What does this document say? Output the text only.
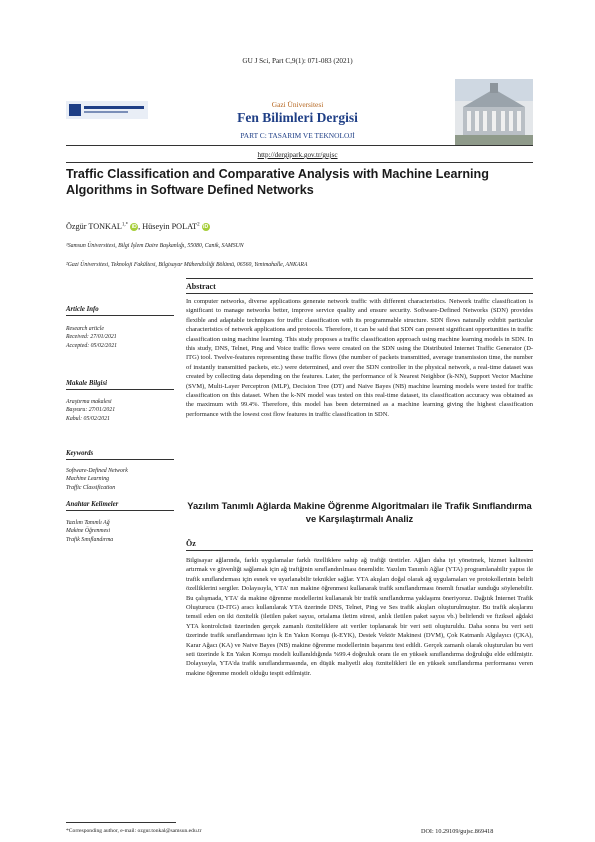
GU J Sci, Part C,9(1): 071-083 (2021)
Gazi Üniversitesi
Fen Bilimleri Dergisi
PART C: TASARIM VE TEKNOLOJİ
http://dergipark.gov.tr/gujsc
Traffic Classification and Comparative Analysis with Machine Learning Algorithms in Software Defined Networks
Özgür $TONKAL^{1,*}$ iD, Hüseyin POLAT$^2$ iD
¹Samsun Üniversitesi, Bilgi İşlem Daire Başkanlığı, 55080, Canik, SAMSUN
²Gazi Üniversitesi, Teknoloji Fakültesi, Bilgisayar Mühendisliği Bölümü, 06560, Yenimahalle, ANKARA
Article Info
Research article
Received: 27/01/2021
Accepted: 05/02/2021
Makale Bilgisi
Araştırma makalesi
Başvuru: 27/01/2021
Kabul: 05/02/2021
Keywords
Software-Defined Network
Machine Learning
Traffic Classification
Anahtar Kelimeler
Yazılım Tanımlı Ağ
Makine Öğrenmesi
Trafik Sınıflandırma
Abstract
In computer networks, diverse applications generate network traffic with different characteristics. Network traffic classification is significant to manage networks better, improve service quality and ensure security. Software-Defined Networks (SDN) provides flexible and adaptable techniques for traffic classification with its programmable structure. SDN flows naturally exhibit particular characteristics of network applications and protocols. Therefore, it can be said that SDN can present significant opportunities in traffic classification using machine learning. This study proposes a traffic classification approach using machine learning models in SDN. In this study, DNS, Telnet, Ping and Voice traffic flows were created on the SDN using the Distributed Internet Traffic Generator (D-ITG) tool. Twelve-features representing these traffic flows (the number of packets transmitted, average transmission time, the number of instantly transmitted packets, etc.) were determined, and over the SDN controller in the physical network, a real-time dataset was created by collecting data depending on the features. Later, the performance of k Nearest Neighbor (k-NN), Support Vector Machine (SVM), Multi-Layer Perceptron (MLP), Decision Tree (DT) and Naive Bayes (NB) machine learning models were tested for traffic classification on this dataset. When the k-NN model was tested on this real-time dataset, its classification accuracy was obtained as the maximum with 99.4%. Therefore, this model has been determined as a machine learning giving the highest classification performance with the lowest cost flow features in traffic classification in SDN.
Yazılım Tanımlı Ağlarda Makine Öğrenme Algoritmaları ile Trafik Sınıflandırma ve Karşılaştırmalı Analiz
Öz
Bilgisayar ağlarında, farklı uygulamalar farklı özelliklere sahip ağ trafiği üretirler. Ağları daha iyi yönetmek, hizmet kalitesini artırmak ve güvenliği sağlamak için ağ trafiğinin sınıflandırılması önemlidir. Yazılım Tanımlı Ağlar (YTA) programlanabilir yapısı ile trafik sınıflandırması için esnek ve uyarlanabilir teknikler sağlar. YTA akışları doğal olarak ağ uygulamaları ve protokollerinin belirli özelliklerini sergiler. Dolayısıyla, YTA' nın makine öğrenmesi kullanarak trafik sınıflandırması önemli fırsatlar sunduğu söylenebilir. Bu çalışmada, YTA' da makine öğrenme modellerini kullanarak bir trafik sınıflandırma yaklaşımı öneriyoruz. Dağıtık İnternet Trafik Oluşturucu (D-ITG) aracı kullanılarak YTA üzerinde DNS, Telnet, Ping ve Ses trafik akışları oluşturulmuştur. Bu trafik akışlarını temsil eden on iki öznitelik (iletilen paket sayısı, ortalama iletim süresi, anlık iletilen paket sayısı vb.) belirlendi ve fiziksel ağdaki YTA kontrolcüsü üzerinden gerçek zamanlı özniteliklere ait veriler toplanarak bir veri seti oluşturuldu. Daha sonra bu veri seti üzerinde trafik sınıflandırması için k En Yakın Komşu (k-EYK), Destek Vektör Makinesi (DVM), Çok Katmanlı Algılayıcı (ÇKA), Karar Ağacı (KA) ve Naive Bayes (NB) makine öğrenme modellerinin başarımı test edildi. Gerçek zamanlı olarak oluşturulan bu veri seti üzerinde k En Yakın Komşu modeli kullanıldığında %99.4 doğruluk oranı ile en yüksek sınıflandırma doğruluğu elde edilmiştir. Dolayısıyla, YTA'da trafik sınıflandırmasında, en düşük maliyetli akış öznitelikleri ile en yüksek sınıflandırma performansı veren makine öğrenme modeli olduğu tespit edilmiştir.
*Corresponding author, e-mail: ozgur.tonkal@samsun.edu.tr	DOI: 10.29109/gujsc.869418
